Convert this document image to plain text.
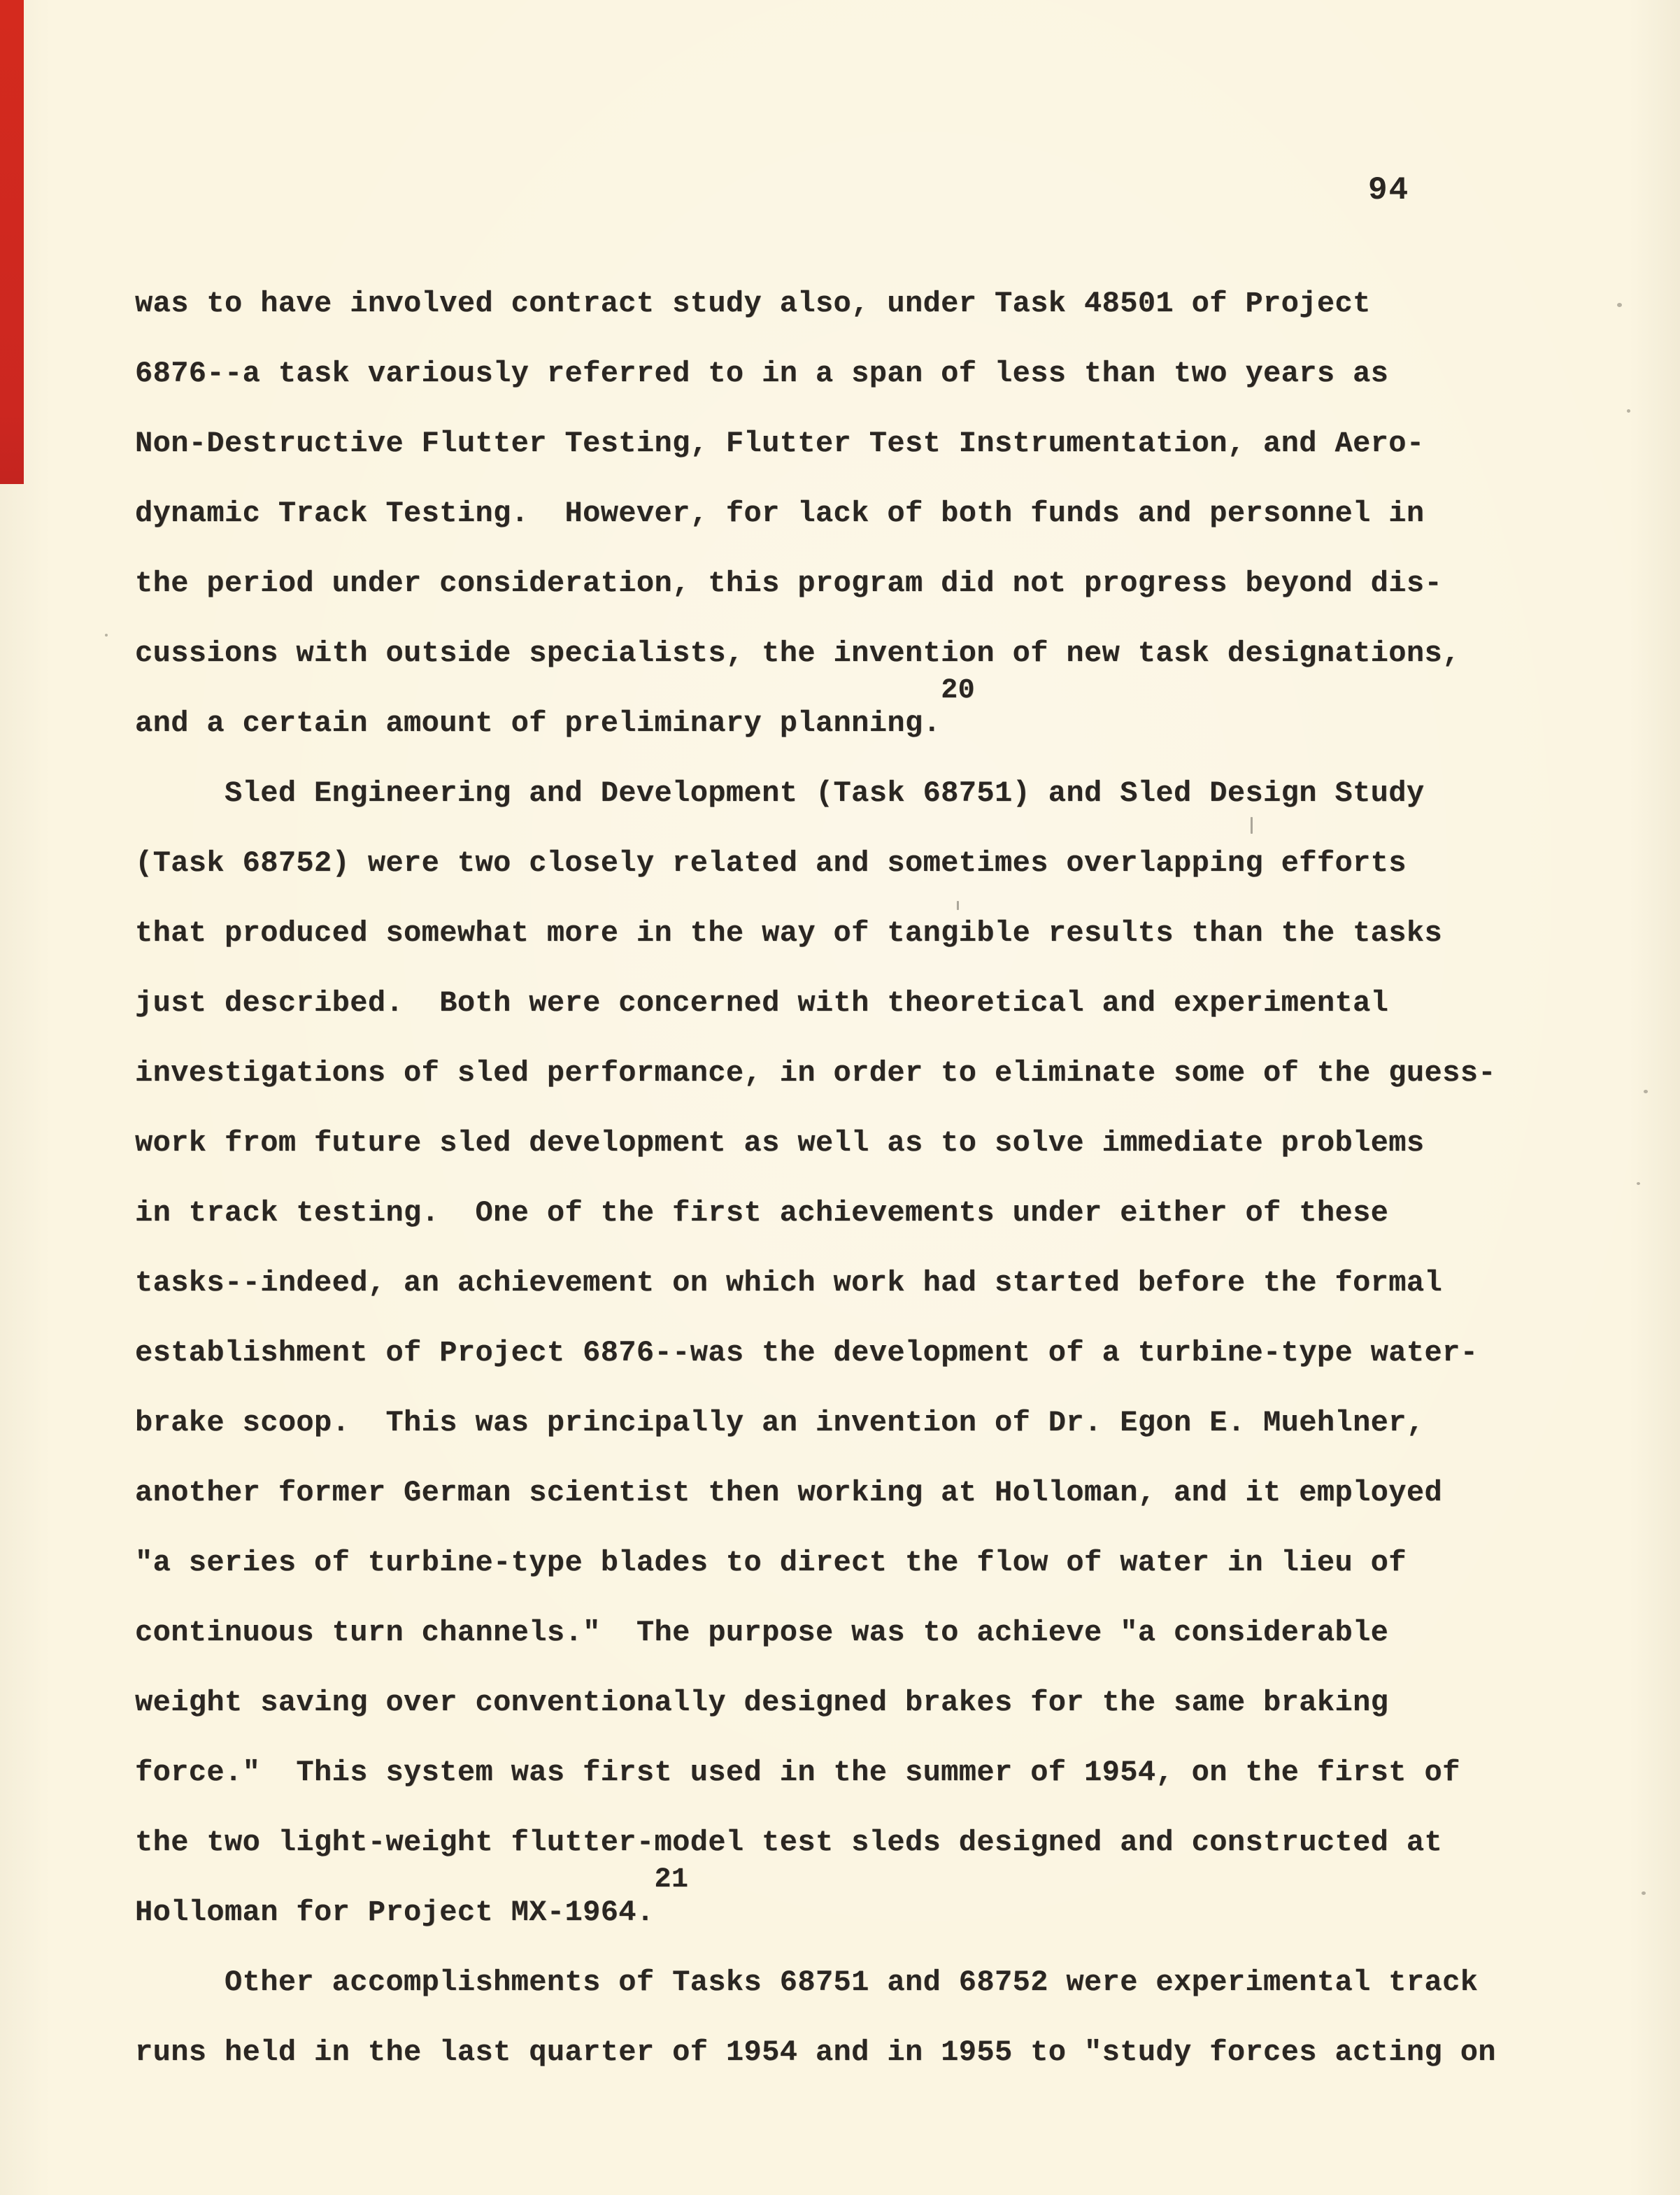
94
was to have involved contract study also, under Task 48501 of Project
6876--a task variously referred to in a span of less than two years as
Non-Destructive Flutter Testing, Flutter Test Instrumentation, and Aero-
dynamic Track Testing.  However, for lack of both funds and personnel in
the period under consideration, this program did not progress beyond dis-
cussions with outside specialists, the invention of new task designations,
and a certain amount of preliminary planning.20
Sled Engineering and Development (Task 68751) and Sled Design Study
(Task 68752) were two closely related and sometimes overlapping efforts
that produced somewhat more in the way of tangible results than the tasks
just described.  Both were concerned with theoretical and experimental
investigations of sled performance, in order to eliminate some of the guess-
work from future sled development as well as to solve immediate problems
in track testing.  One of the first achievements under either of these
tasks--indeed, an achievement on which work had started before the formal
establishment of Project 6876--was the development of a turbine-type water-
brake scoop.  This was principally an invention of Dr. Egon E. Muehlner,
another former German scientist then working at Holloman, and it employed
"a series of turbine-type blades to direct the flow of water in lieu of
continuous turn channels."  The purpose was to achieve "a considerable
weight saving over conventionally designed brakes for the same braking
force."  This system was first used in the summer of 1954, on the first of
the two light-weight flutter-model test sleds designed and constructed at
Holloman for Project MX-1964.21
Other accomplishments of Tasks 68751 and 68752 were experimental track
runs held in the last quarter of 1954 and in 1955 to "study forces acting on
